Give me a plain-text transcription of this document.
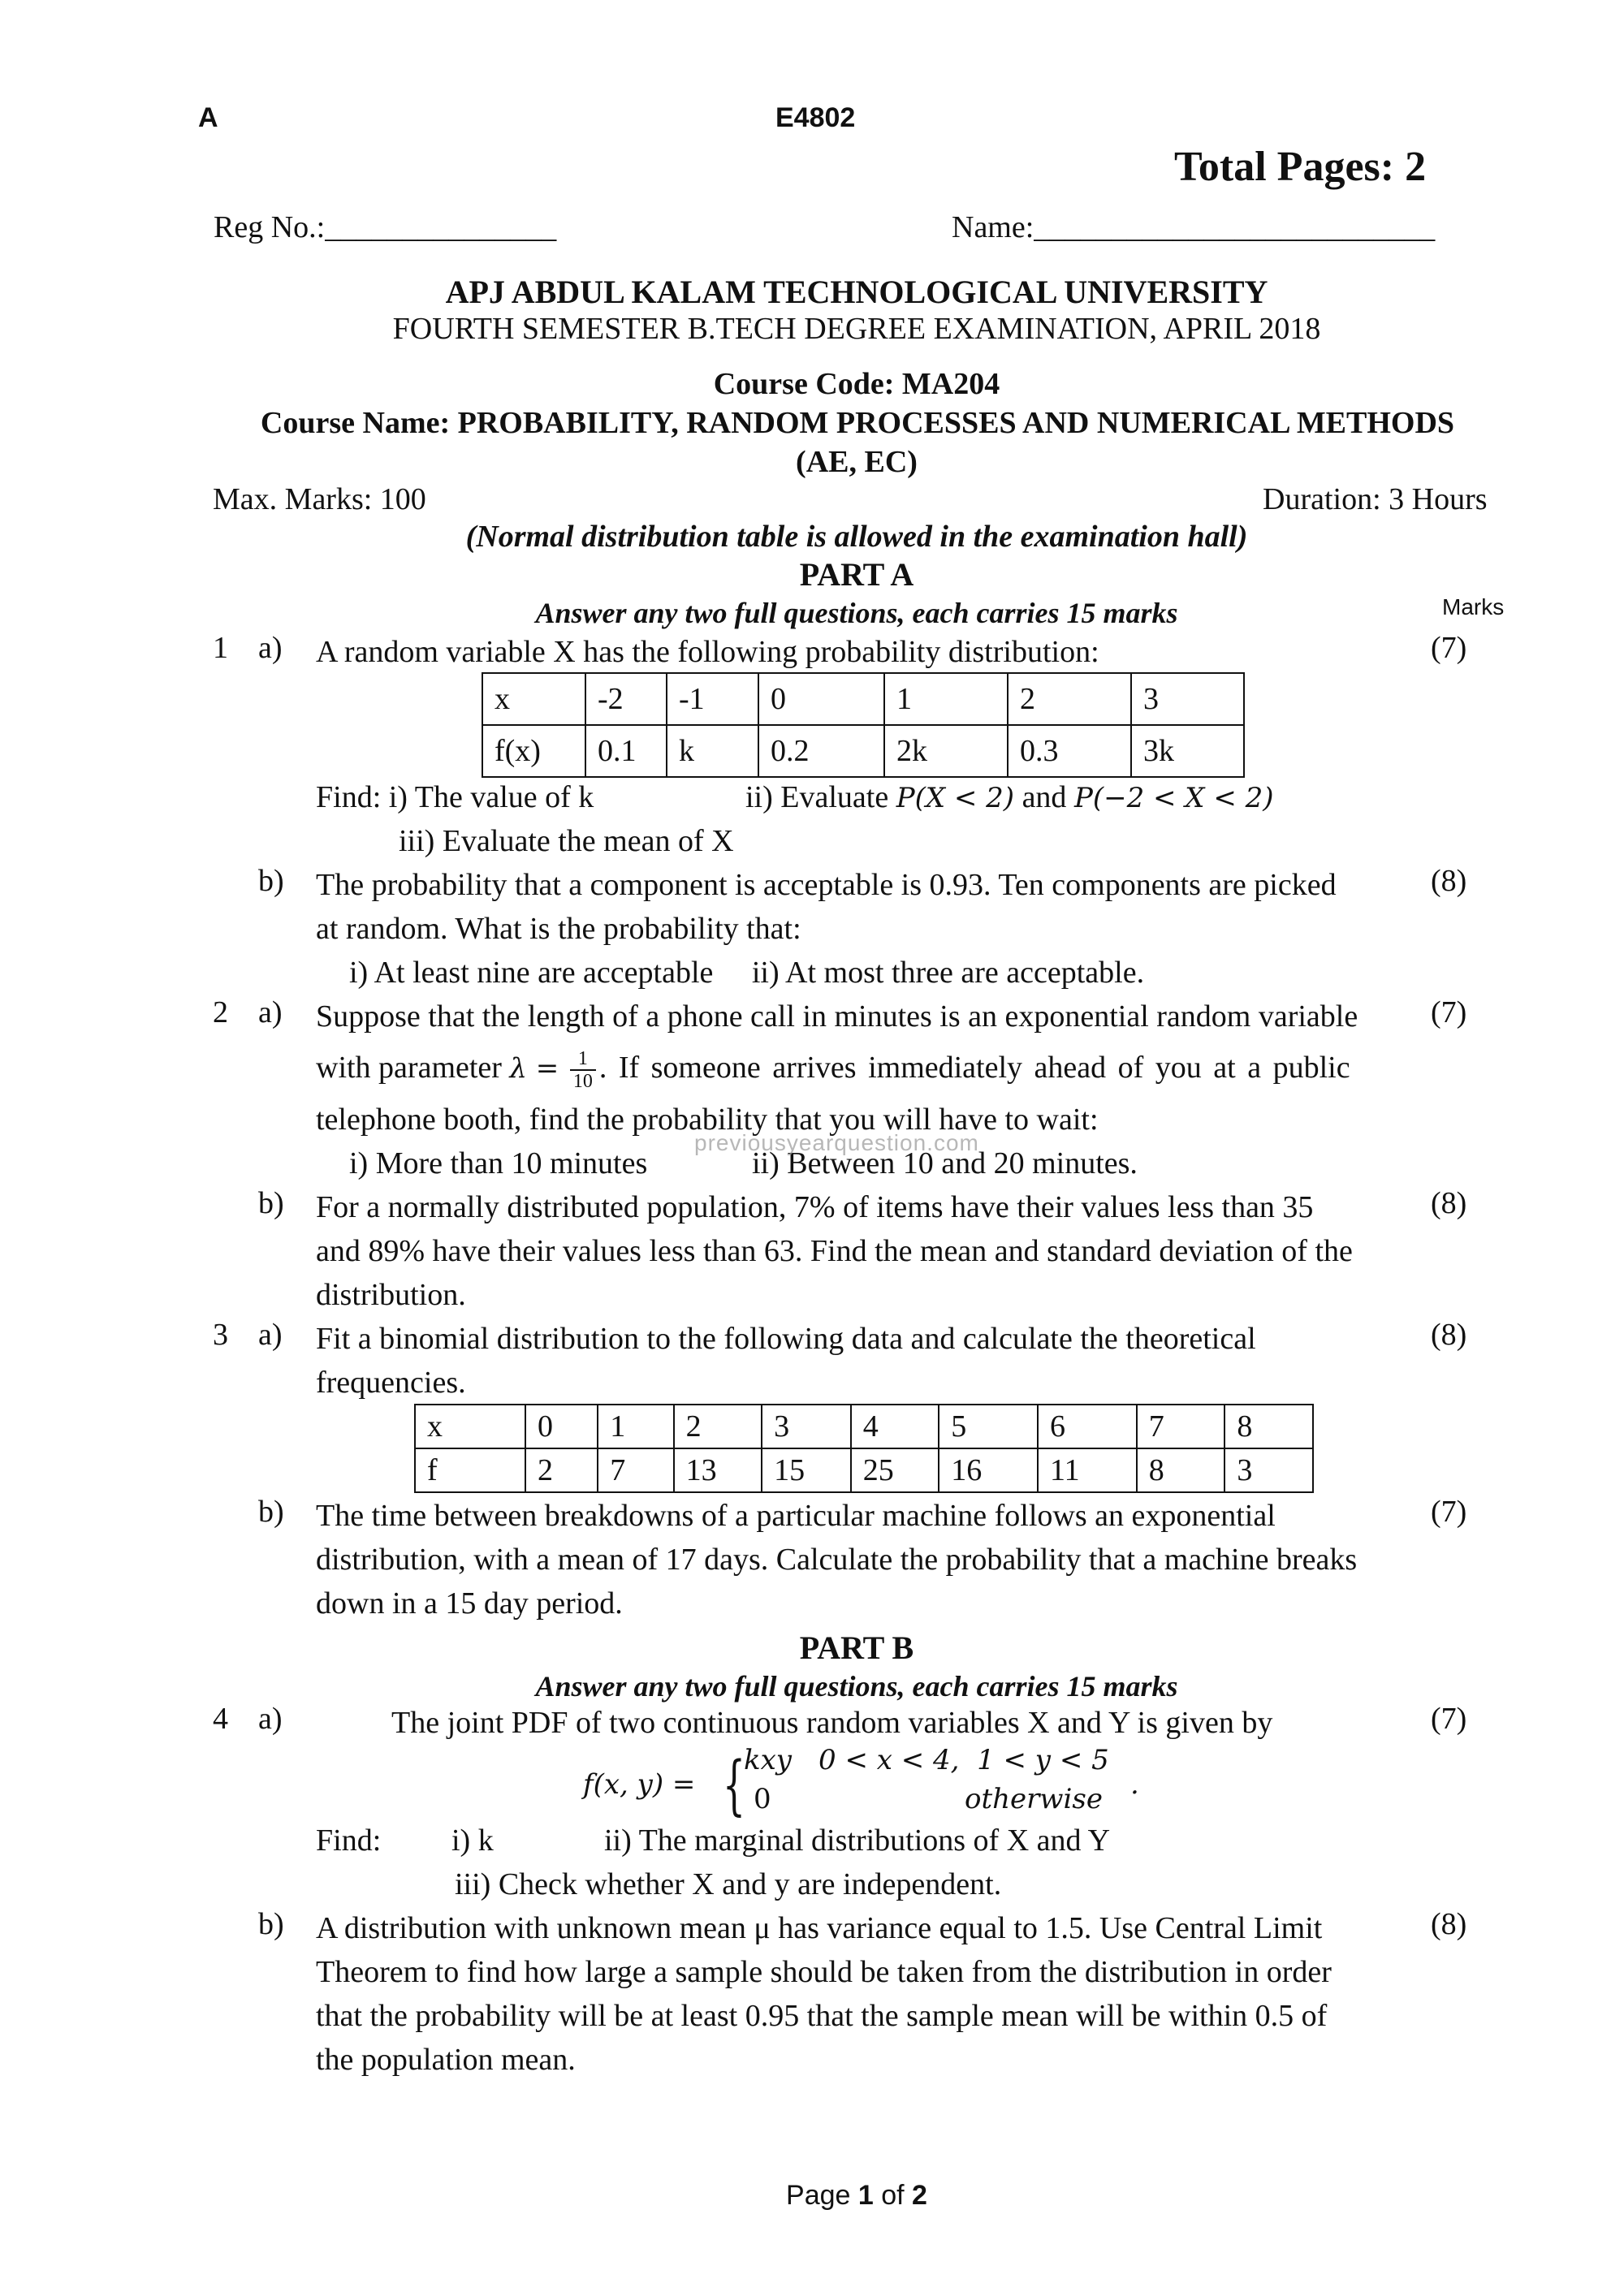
A	E4802
Total Pages: 2
Reg No.:_______________	Name:__________________________
APJ ABDUL KALAM TECHNOLOGICAL UNIVERSITY
FOURTH SEMESTER B.TECH DEGREE EXAMINATION, APRIL 2018
Course Code: MA204
Course Name: PROBABILITY, RANDOM PROCESSES AND NUMERICAL METHODS
(AE, EC)
Max. Marks: 100	Duration: 3 Hours
(Normal distribution table is allowed in the examination hall)
PART A
Answer any two full questions, each carries 15 marks	Marks
1 a) A random variable X has the following probability distribution:	(7)
x	-2	-1	0	1	2	3
f(x)	0.1	k	0.2	2k	0.3	3k
Find: i) The value of k	ii) Evaluate P(X < 2) and P(−2 < X < 2)
iii) Evaluate the mean of X
b) The probability that a component is acceptable is 0.93. Ten components are picked	(8)
at random. What is the probability that:
i) At least nine are acceptable     ii) At most three are acceptable.
2 a) Suppose that the length of a phone call in minutes is an exponential random variable	(7)
with parameter $\lambda = \frac{1}{10}$ . If someone arrives immediately ahead of you at a public
telephone booth, find the probability that you will have to wait:
i) More than 10 minutes	ii) Between 10 and 20 minutes.
previousyearquestion.com
b) For a normally distributed population, 7% of items have their values less than 35	(8)
and 89% have their values less than 63. Find the mean and standard deviation of the
distribution.
3 a) Fit a binomial distribution to the following data and calculate the theoretical	(8)
frequencies.
x	0	1	2	3	4	5	6	7	8
f	2	7	13	15	25	16	11	8	3
b) The time between breakdowns of a particular machine follows an exponential	(7)
distribution, with a mean of 17 days. Calculate the probability that a machine breaks
down in a 15 day period.
PART B
Answer any two full questions, each carries 15 marks
4 a)	The joint PDF of two continuous random variables X and Y is given by	(7)
f(x, y) = {
kxy 0 < x < 4,  1 < y < 5
0	otherwise .
Find: i) k	ii) The marginal distributions of X and Y
iii) Check whether X and y are independent.
b) A distribution with unknown mean μ has variance equal to 1.5. Use Central Limit	(8)
Theorem to find how large a sample should be taken from the distribution in order
that the probability will be at least 0.95 that the sample mean will be within 0.5 of
the population mean.
Page 1 of 2
